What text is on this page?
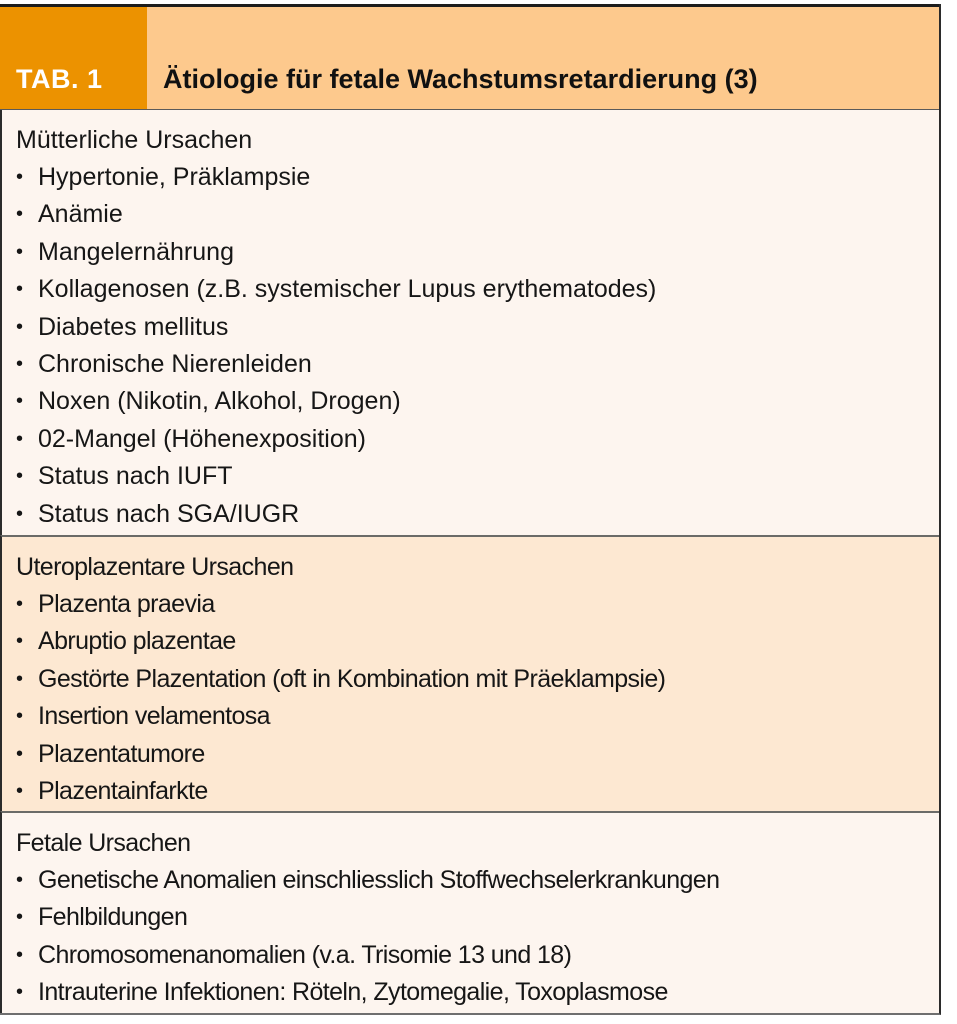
TAB. 1	Ätiologie für fetale Wachstumsretardierung (3)
Mütterliche Ursachen
• Hypertonie, Präklampsie
• Anämie
• Mangelernährung
• Kollagenosen (z.B. systemischer Lupus erythematodes)
• Diabetes mellitus
• Chronische Nierenleiden
• Noxen (Nikotin, Alkohol, Drogen)
• 02-Mangel (Höhenexposition)
• Status nach IUFT
• Status nach SGA/IUGR
Uteroplazentare Ursachen
• Plazenta praevia
• Abruptio plazentae
• Gestörte Plazentation (oft in Kombination mit Präeklampsie)
• Insertion velamentosa
• Plazentatumore
• Plazentainfarkte
Fetale Ursachen
• Genetische Anomalien einschliesslich Stoffwechselerkrankungen
• Fehlbildungen
• Chromosomenanomalien (v.a. Trisomie 13 und 18)
• Intrauterine Infektionen: Röteln, Zytomegalie, Toxoplasmose
